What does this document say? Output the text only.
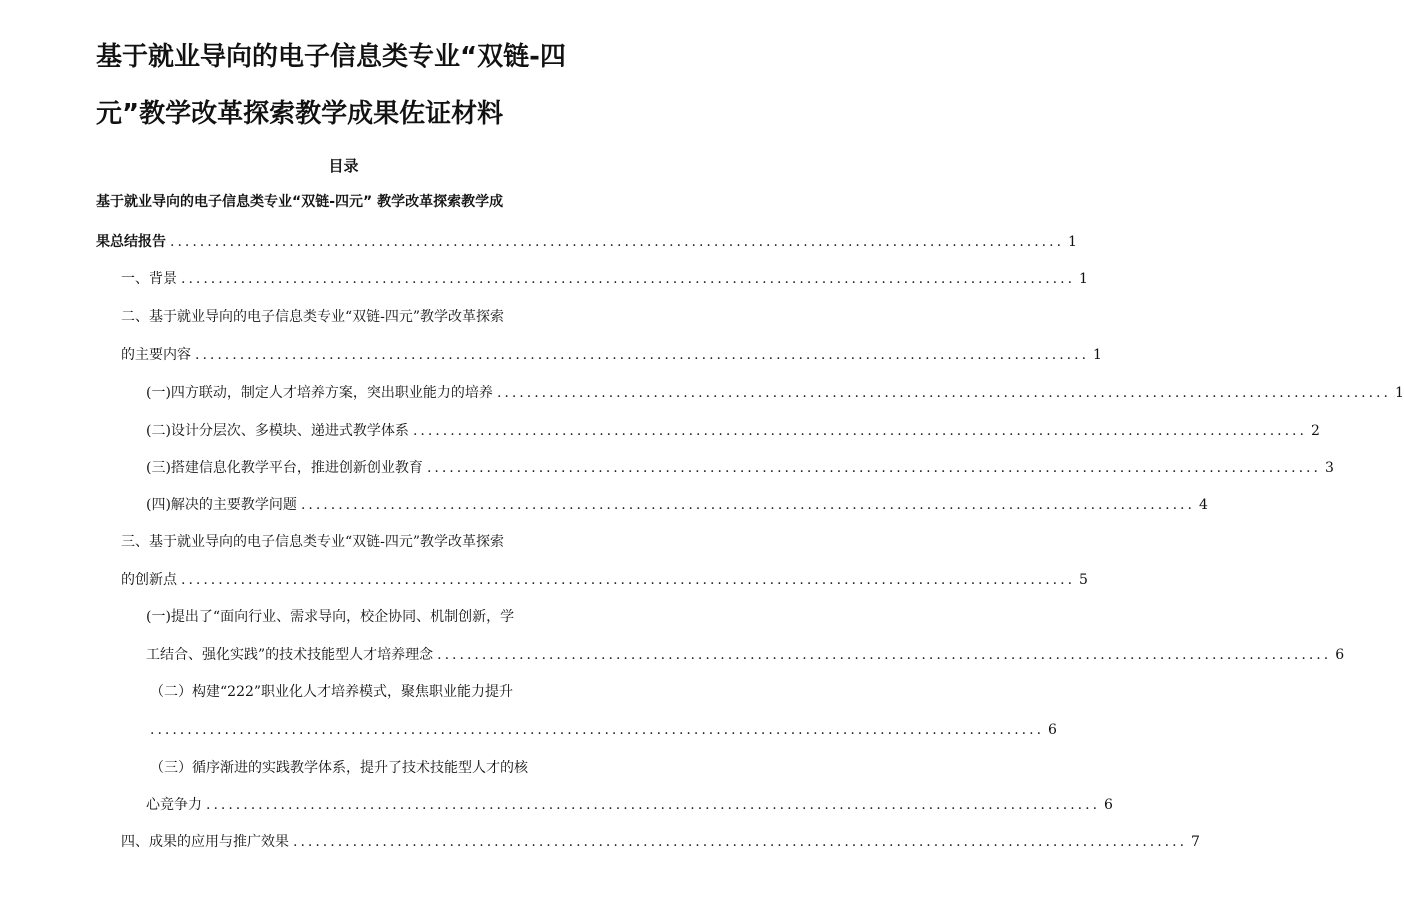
基于就业导向的电子信息类专业“双链-四
元”教学改革探索教学成果佐证材料
目录
基于就业导向的电子信息类专业“双链-四元” 教学改革探索教学成
果总结报告 ........................................................................................................................ 1
一、背景 ........................................................................................................................ 1
二、基于就业导向的电子信息类专业“双链-四元”教学改革探索
的主要内容 ........................................................................................................................ 1
(一)四方联动，制定人才培养方案，突出职业能力的培养 ........................................................................................................................ 1
(二)设计分层次、多模块、递进式教学体系 ........................................................................................................................ 2
(三)搭建信息化教学平台，推进创新创业教育 ........................................................................................................................ 3
(四)解决的主要教学问题 ........................................................................................................................ 4
三、基于就业导向的电子信息类专业“双链-四元”教学改革探索
的创新点 ........................................................................................................................ 5
(一)提出了“面向行业、需求导向，校企协同、机制创新，学
工结合、强化实践”的技术技能型人才培养理念 ........................................................................................................................ 6
（二）构建“222”职业化人才培养模式，聚焦职业能力提升
........................................................................................................................ 6
（三）循序渐进的实践教学体系，提升了技术技能型人才的核
心竞争力 ........................................................................................................................ 6
四、成果的应用与推广效果 ........................................................................................................................ 7
